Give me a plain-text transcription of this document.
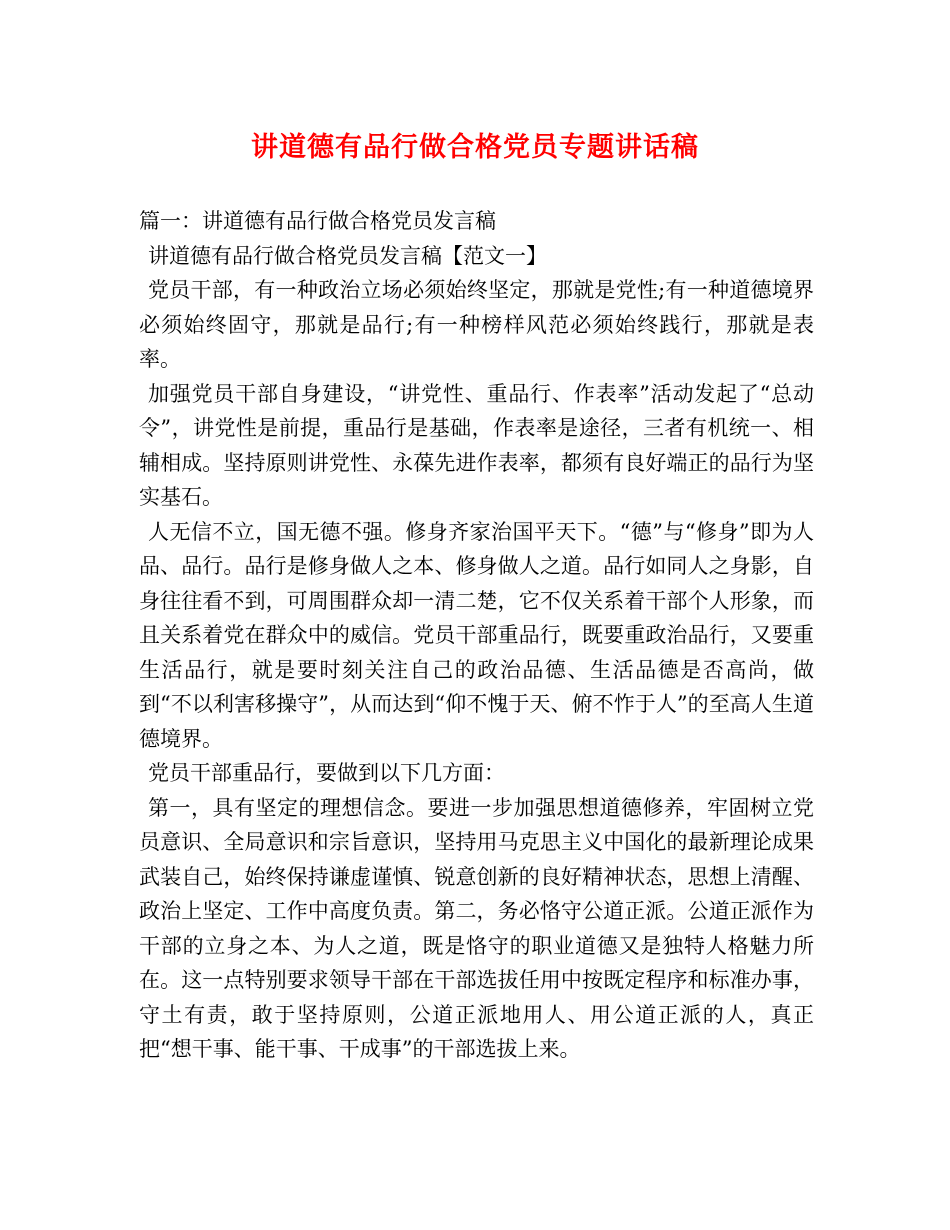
讲道德有品行做合格党员专题讲话稿

篇一：讲道德有品行做合格党员发言稿

讲道德有品行做合格党员发言稿【范文一】

党员干部，有一种政治立场必须始终坚定，那就是党性;有一种道德境界必须始终固守，那就是品行;有一种榜样风范必须始终践行，那就是表率。

加强党员干部自身建设，“讲党性、重品行、作表率”活动发起了“总动令”，讲党性是前提，重品行是基础，作表率是途径，三者有机统一、相辅相成。坚持原则讲党性、永葆先进作表率，都须有良好端正的品行为坚实基石。

人无信不立，国无德不强。修身齐家治国平天下。“德”与“修身”即为人品、品行。品行是修身做人之本、修身做人之道。品行如同人之身影，自身往往看不到，可周围群众却一清二楚，它不仅关系着干部个人形象，而且关系着党在群众中的威信。党员干部重品行，既要重政治品行，又要重生活品行，就是要时刻关注自己的政治品德、生活品德是否高尚，做到“不以利害移操守”，从而达到“仰不愧于天、俯不怍于人”的至高人生道德境界。

党员干部重品行，要做到以下几方面：

第一，具有坚定的理想信念。要进一步加强思想道德修养，牢固树立党员意识、全局意识和宗旨意识，坚持用马克思主义中国化的最新理论成果武装自己，始终保持谦虚谨慎、锐意创新的良好精神状态，思想上清醒、政治上坚定、工作中高度负责。第二，务必恪守公道正派。公道正派作为干部的立身之本、为人之道，既是恪守的职业道德又是独特人格魅力所在。这一点特别要求领导干部在干部选拔任用中按既定程序和标准办事，守土有责，敢于坚持原则，公道正派地用人、用公道正派的人，真正把“想干事、能干事、干成事”的干部选拔上来。
